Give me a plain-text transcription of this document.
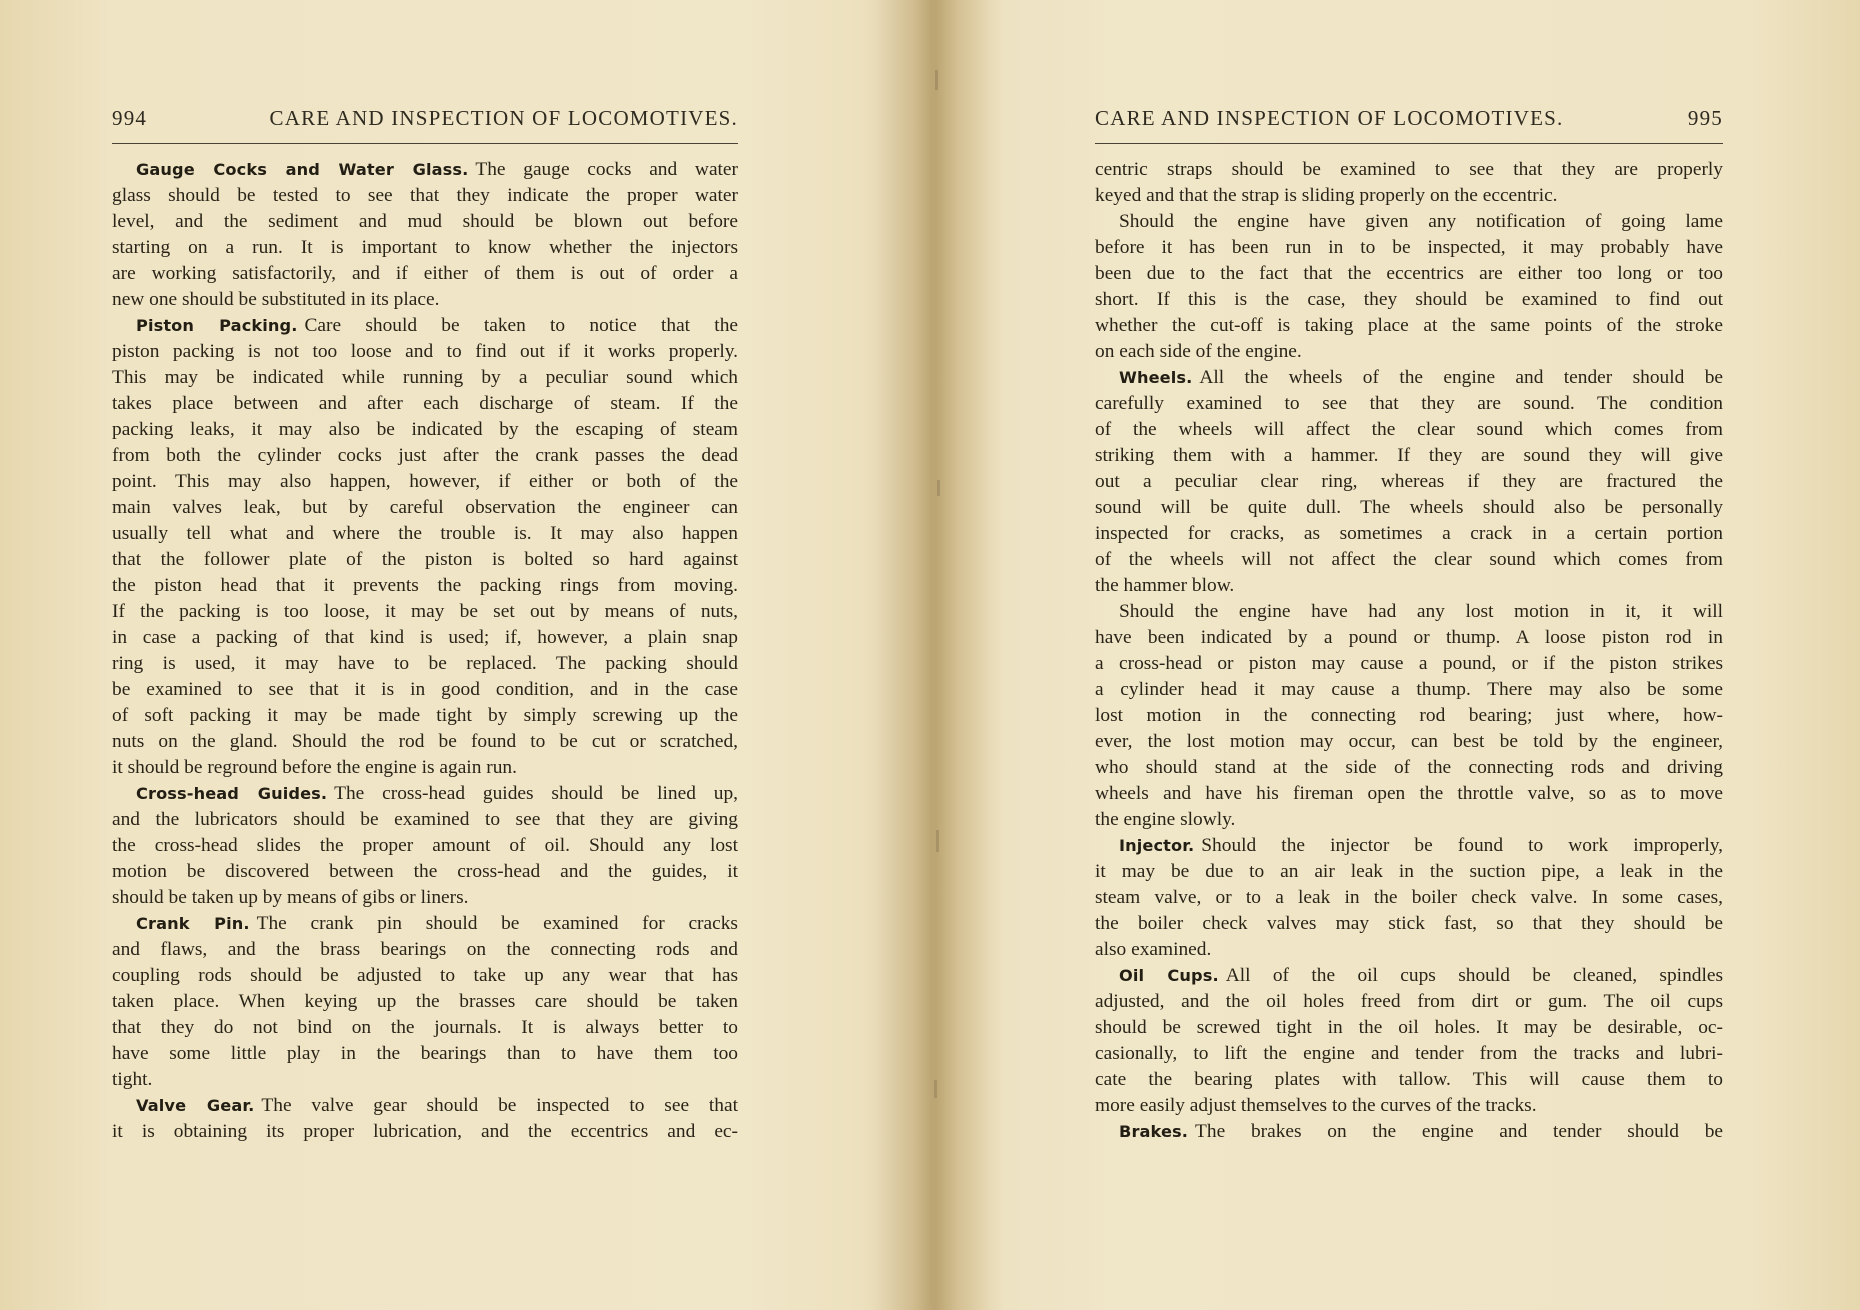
994	CARE AND INSPECTION OF LOCOMOTIVES.
Gauge Cocks and Water Glass. The gauge cocks and water
glass should be tested to see that they indicate the proper water
level, and the sediment and mud should be blown out before
starting on a run. It is important to know whether the injectors
are working satisfactorily, and if either of them is out of order a
new one should be substituted in its place.
Piston Packing. Care should be taken to notice that the
piston packing is not too loose and to find out if it works properly.
This may be indicated while running by a peculiar sound which
takes place between and after each discharge of steam. If the
packing leaks, it may also be indicated by the escaping of steam
from both the cylinder cocks just after the crank passes the dead
point. This may also happen, however, if either or both of the
main valves leak, but by careful observation the engineer can
usually tell what and where the trouble is. It may also happen
that the follower plate of the piston is bolted so hard against
the piston head that it prevents the packing rings from moving.
If the packing is too loose, it may be set out by means of nuts,
in case a packing of that kind is used; if, however, a plain snap
ring is used, it may have to be replaced. The packing should
be examined to see that it is in good condition, and in the case
of soft packing it may be made tight by simply screwing up the
nuts on the gland. Should the rod be found to be cut or scratched,
it should be reground before the engine is again run.
Cross-head Guides. The cross-head guides should be lined up,
and the lubricators should be examined to see that they are giving
the cross-head slides the proper amount of oil. Should any lost
motion be discovered between the cross-head and the guides, it
should be taken up by means of gibs or liners.
Crank Pin. The crank pin should be examined for cracks
and flaws, and the brass bearings on the connecting rods and
coupling rods should be adjusted to take up any wear that has
taken place. When keying up the brasses care should be taken
that they do not bind on the journals. It is always better to
have some little play in the bearings than to have them too
tight.
Valve Gear. The valve gear should be inspected to see that
it is obtaining its proper lubrication, and the eccentrics and ec-
CARE AND INSPECTION OF LOCOMOTIVES.	995
centric straps should be examined to see that they are properly
keyed and that the strap is sliding properly on the eccentric.
Should the engine have given any notification of going lame
before it has been run in to be inspected, it may probably have
been due to the fact that the eccentrics are either too long or too
short. If this is the case, they should be examined to find out
whether the cut-off is taking place at the same points of the stroke
on each side of the engine.
Wheels. All the wheels of the engine and tender should be
carefully examined to see that they are sound. The condition
of the wheels will affect the clear sound which comes from
striking them with a hammer. If they are sound they will give
out a peculiar clear ring, whereas if they are fractured the
sound will be quite dull. The wheels should also be personally
inspected for cracks, as sometimes a crack in a certain portion
of the wheels will not affect the clear sound which comes from
the hammer blow.
Should the engine have had any lost motion in it, it will
have been indicated by a pound or thump. A loose piston rod in
a cross-head or piston may cause a pound, or if the piston strikes
a cylinder head it may cause a thump. There may also be some
lost motion in the connecting rod bearing; just where, how-
ever, the lost motion may occur, can best be told by the engineer,
who should stand at the side of the connecting rods and driving
wheels and have his fireman open the throttle valve, so as to move
the engine slowly.
Injector. Should the injector be found to work improperly,
it may be due to an air leak in the suction pipe, a leak in the
steam valve, or to a leak in the boiler check valve. In some cases,
the boiler check valves may stick fast, so that they should be
also examined.
Oil Cups. All of the oil cups should be cleaned, spindles
adjusted, and the oil holes freed from dirt or gum. The oil cups
should be screwed tight in the oil holes. It may be desirable, oc-
casionally, to lift the engine and tender from the tracks and lubri-
cate the bearing plates with tallow. This will cause them to
more easily adjust themselves to the curves of the tracks.
Brakes. The brakes on the engine and tender should be
